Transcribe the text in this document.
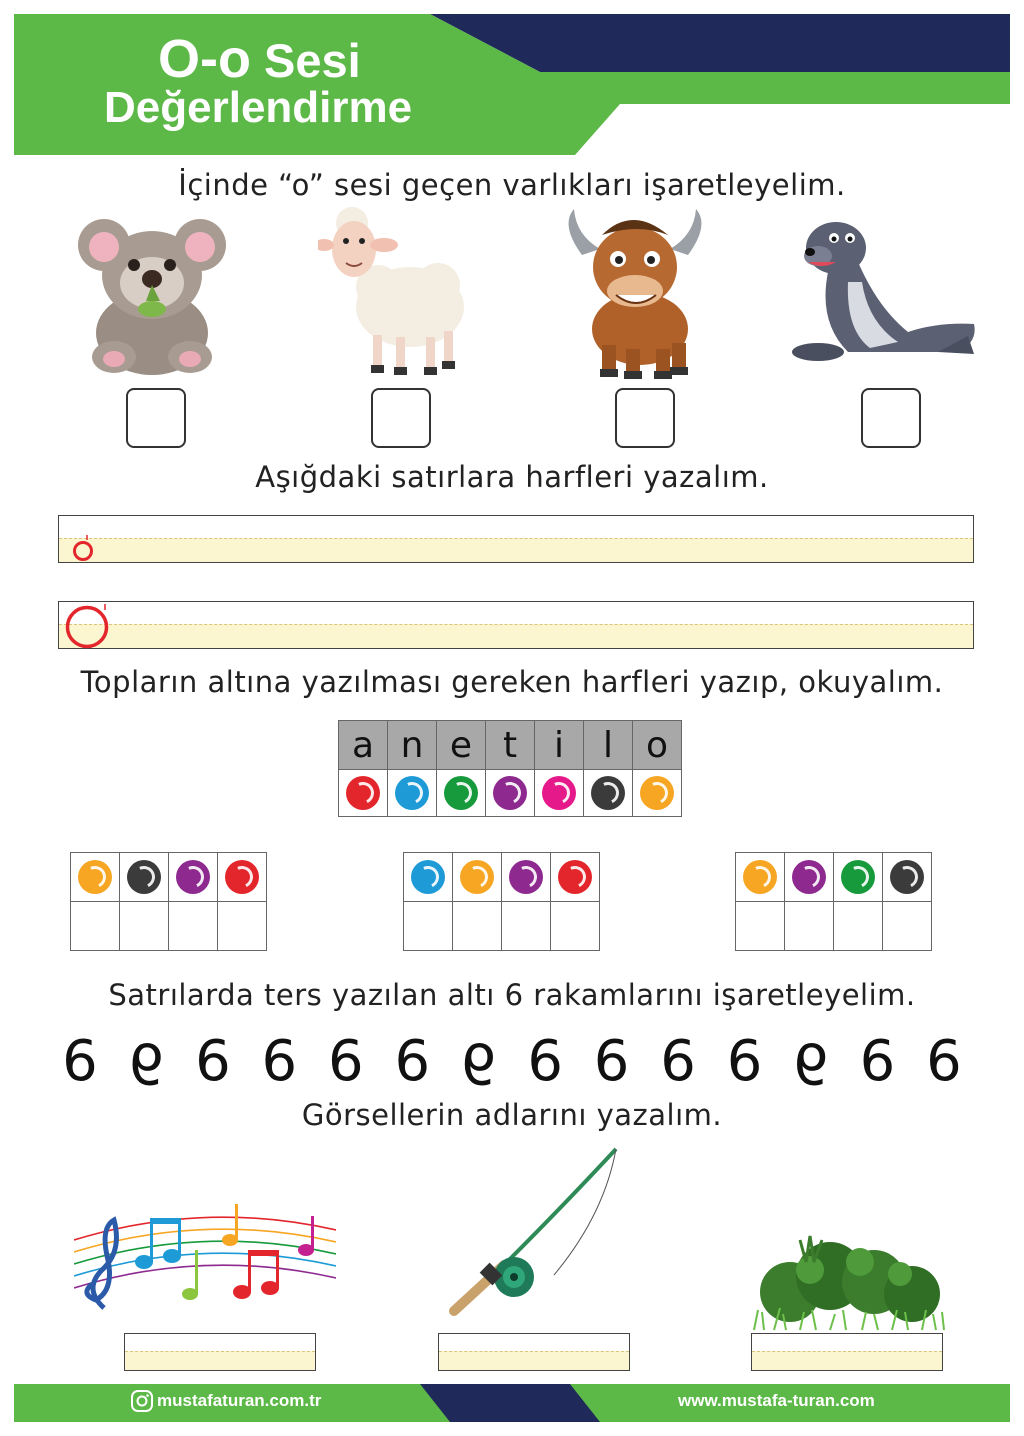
O-o Sesi
Değerlendirme
İçinde “o” sesi geçen varlıkları işaretleyelim.
Aşığdaki satırlara harfleri yazalım.
Topların altına yazılması gereken harfleri yazıp, okuyalım.
a	n	e	t	i	l	o

Satrılarda ters yazılan altı 6 rakamlarını işaretleyelim.
6 6 6 6 6 6 6 6 6 6 6 6 6 6
Görsellerin adlarını yazalım.
mustafaturan.com.tr	www.mustafa-turan.com
